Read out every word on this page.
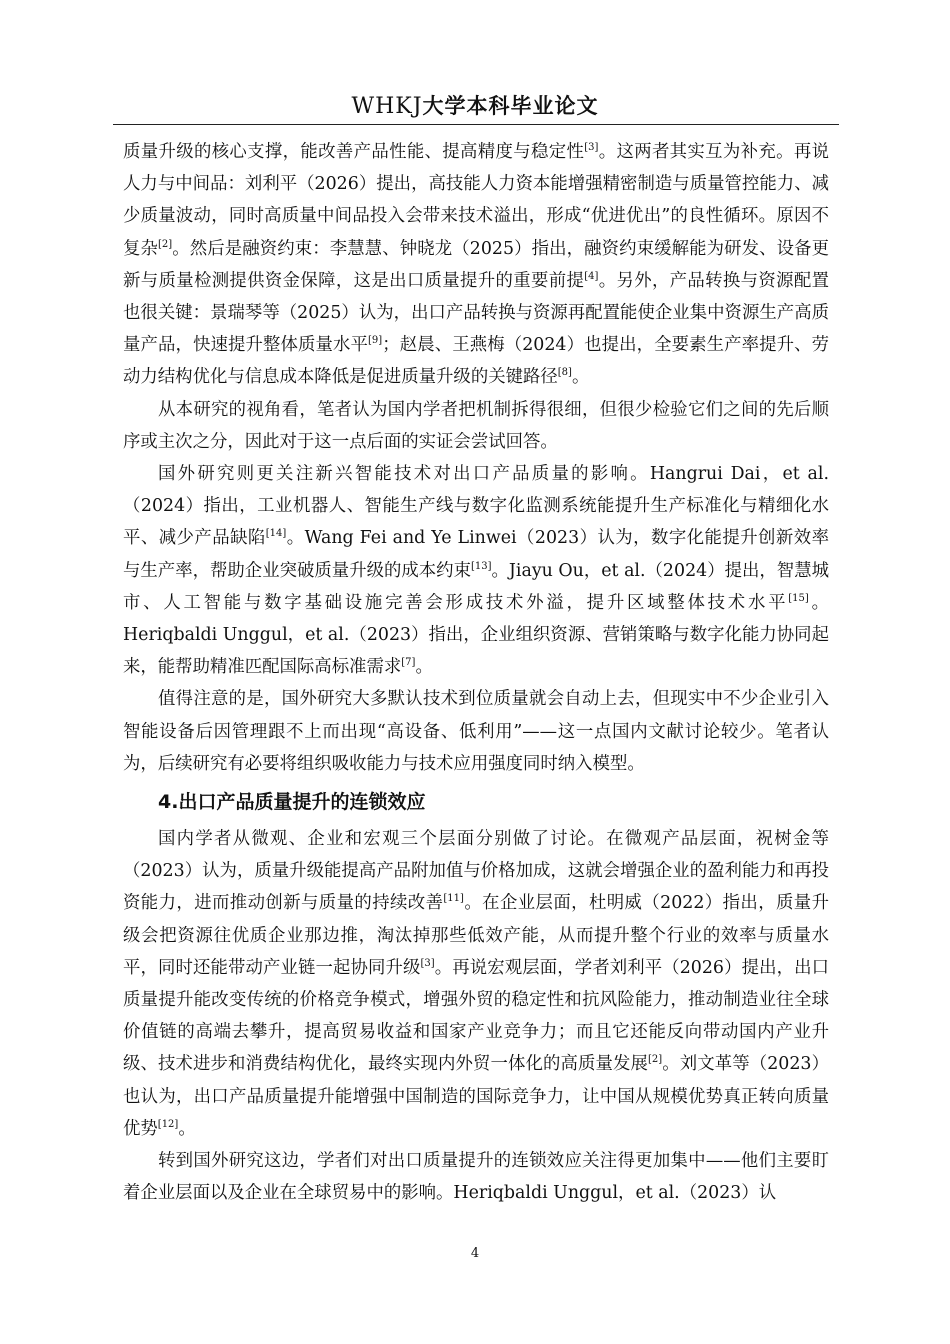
WHKJ大学本科毕业论文

质量升级的核心支撑，能改善产品性能、提高精度与稳定性[3]。这两者其实互为补充。再说人力与中间品：刘利平（2026）提出，高技能人力资本能增强精密制造与质量管控能力、减少质量波动，同时高质量中间品投入会带来技术溢出，形成“优进优出”的良性循环。原因不复杂[2]。然后是融资约束：李慧慧、钟晓龙（2025）指出，融资约束缓解能为研发、设备更新与质量检测提供资金保障，这是出口质量提升的重要前提[4]。另外，产品转换与资源配置也很关键：景瑞琴等（2025）认为，出口产品转换与资源再配置能使企业集中资源生产高质量产品，快速提升整体质量水平[9]；赵晨、王燕梅（2024）也提出，全要素生产率提升、劳动力结构优化与信息成本降低是促进质量升级的关键路径[8]。

从本研究的视角看，笔者认为国内学者把机制拆得很细，但很少检验它们之间的先后顺序或主次之分，因此对于这一点后面的实证会尝试回答。

国外研究则更关注新兴智能技术对出口产品质量的影响。Hangrui Dai，et al.（2024）指出，工业机器人、智能生产线与数字化监测系统能提升生产标准化与精细化水平、减少产品缺陷[14]。Wang Fei and Ye Linwei（2023）认为，数字化能提升创新效率与生产率，帮助企业突破质量升级的成本约束[13]。Jiayu Ou，et al.（2024）提出，智慧城市、人工智能与数字基础设施完善会形成技术外溢，提升区域整体技术水平[15]。Heriqbaldi Unggul，et al.（2023）指出，企业组织资源、营销策略与数字化能力协同起来，能帮助精准匹配国际高标准需求[7]。

值得注意的是，国外研究大多默认技术到位质量就会自动上去，但现实中不少企业引入智能设备后因管理跟不上而出现“高设备、低利用”——这一点国内文献讨论较少。笔者认为，后续研究有必要将组织吸收能力与技术应用强度同时纳入模型。

4.出口产品质量提升的连锁效应

国内学者从微观、企业和宏观三个层面分别做了讨论。在微观产品层面，祝树金等（2023）认为，质量升级能提高产品附加值与价格加成，这就会增强企业的盈利能力和再投资能力，进而推动创新与质量的持续改善[11]。在企业层面，杜明威（2022）指出，质量升级会把资源往优质企业那边推，淘汰掉那些低效产能，从而提升整个行业的效率与质量水平，同时还能带动产业链一起协同升级[3]。再说宏观层面，学者刘利平（2026）提出，出口质量提升能改变传统的价格竞争模式，增强外贸的稳定性和抗风险能力，推动制造业往全球价值链的高端去攀升，提高贸易收益和国家产业竞争力；而且它还能反向带动国内产业升级、技术进步和消费结构优化，最终实现内外贸一体化的高质量发展[2]。刘文革等（2023）也认为，出口产品质量提升能增强中国制造的国际竞争力，让中国从规模优势真正转向质量优势[12]。

转到国外研究这边，学者们对出口质量提升的连锁效应关注得更加集中——他们主要盯着企业层面以及企业在全球贸易中的影响。Heriqbaldi Unggul，et al.（2023）认

4
